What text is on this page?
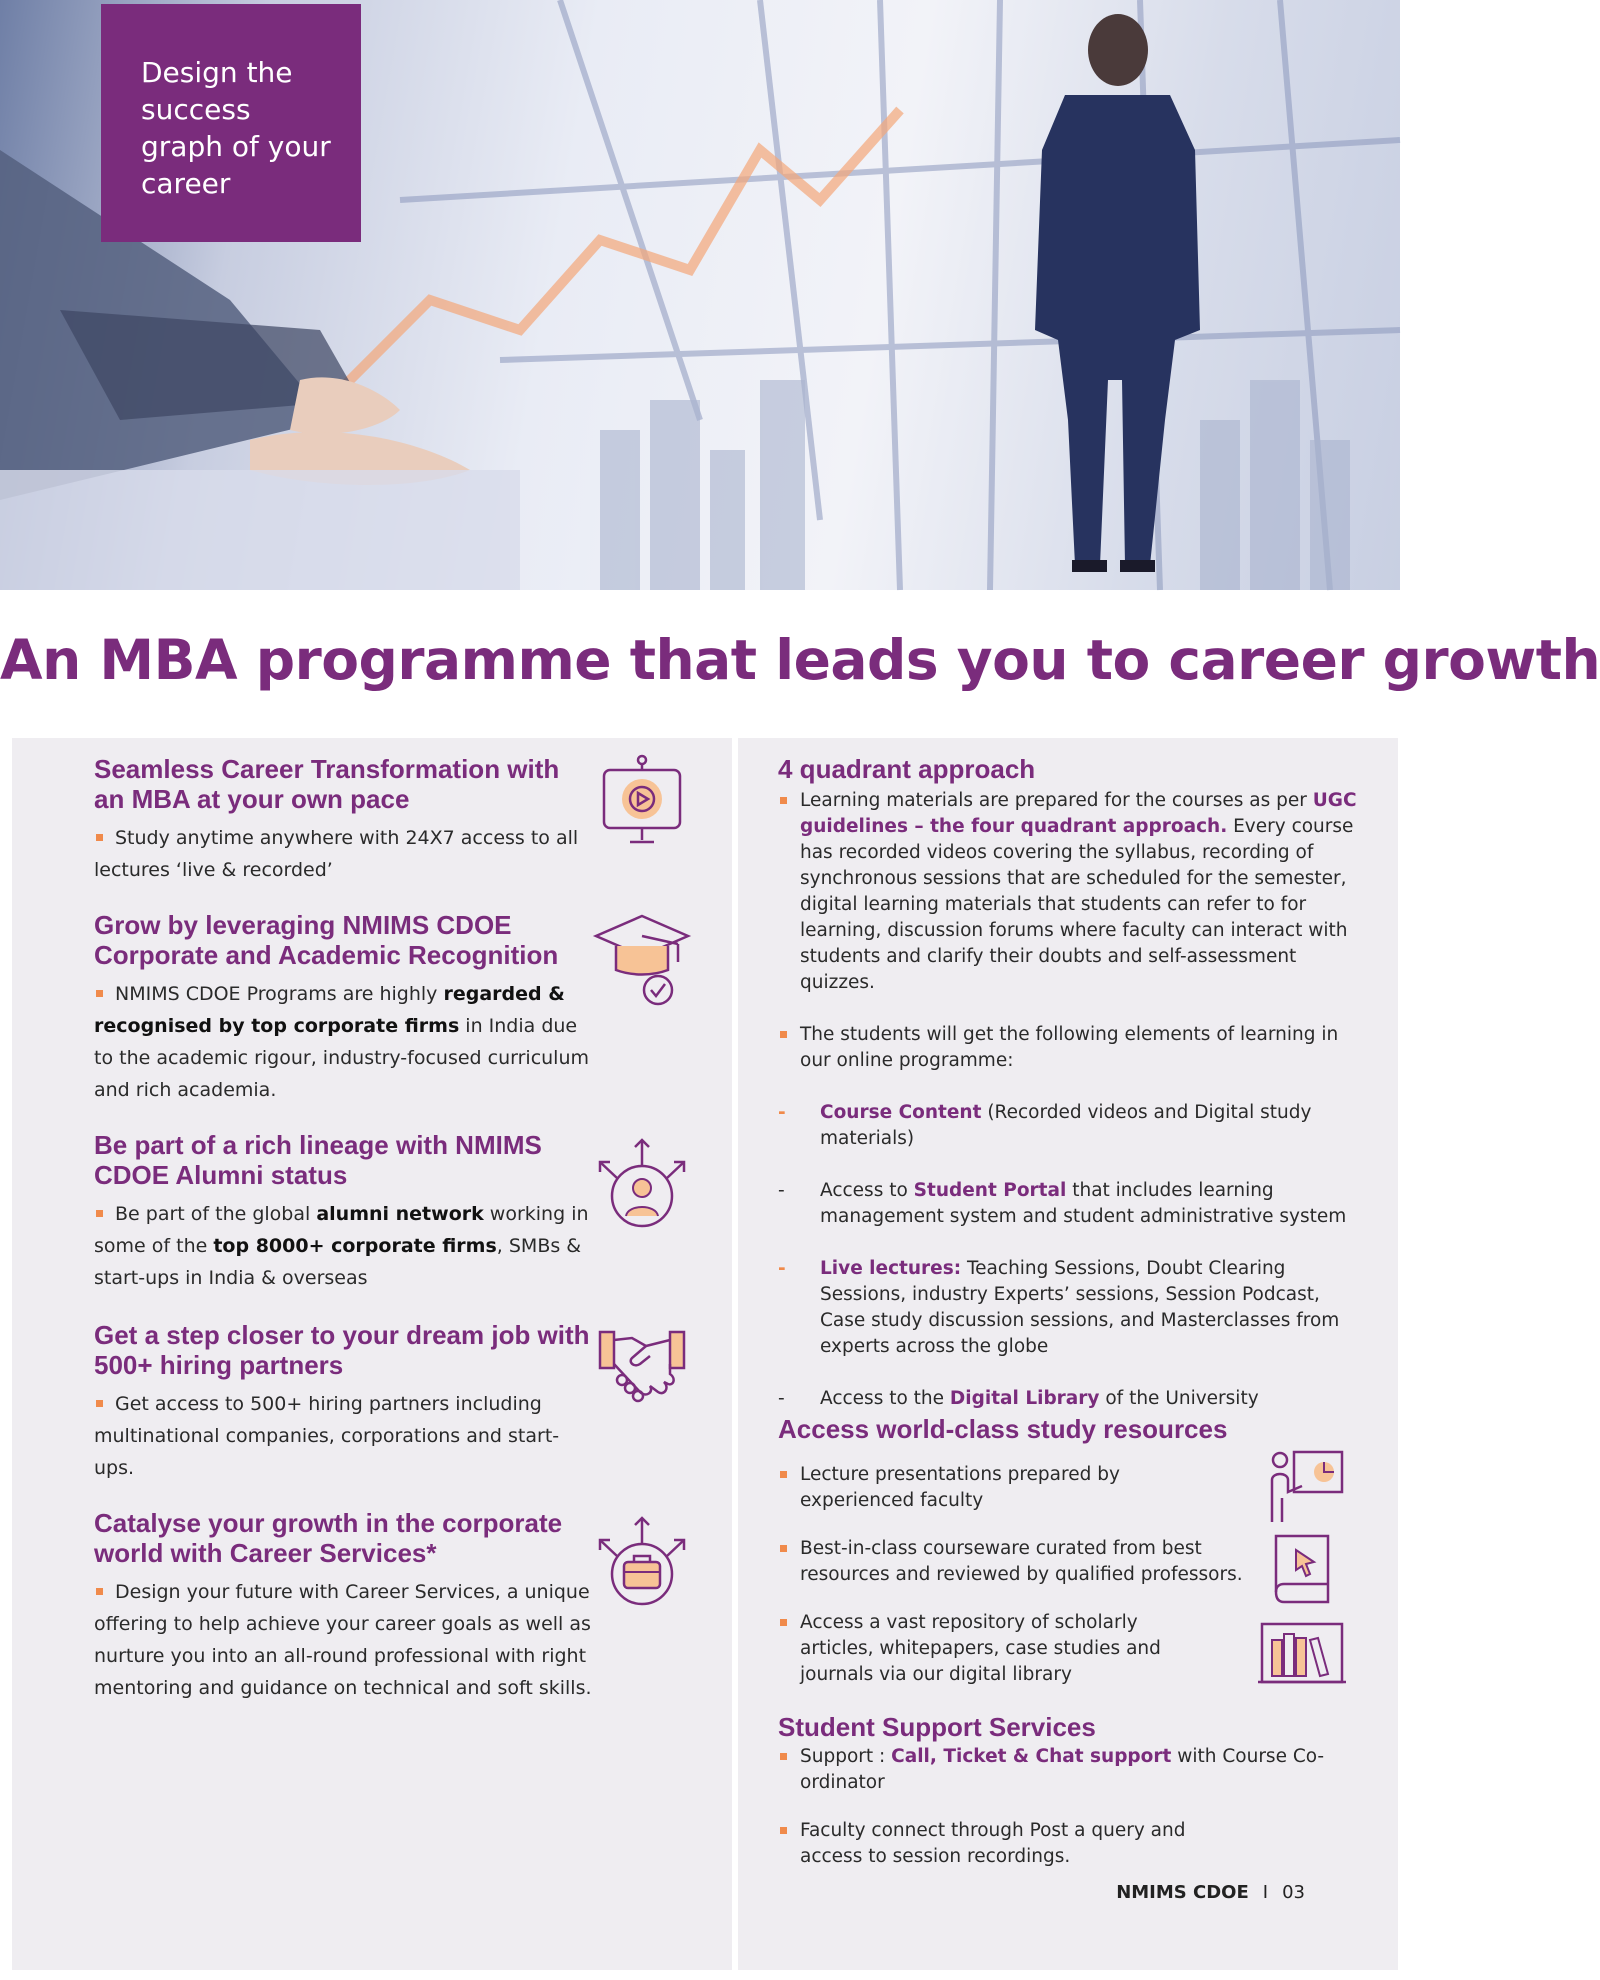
Design the success graph of your career
An MBA programme that leads you to career growth
Seamless Career Transformation with an MBA at your own pace
Study anytime anywhere with 24X7 access to all lectures ‘live & recorded’
Grow by leveraging NMIMS CDOE Corporate and Academic Recognition
NMIMS CDOE Programs are highly regarded & recognised by top corporate firms in India due to the academic rigour, industry-focused curriculum and rich academia.
Be part of a rich lineage with NMIMS CDOE Alumni status
Be part of the global alumni network working in some of the top 8000+ corporate firms, SMBs & start-ups in India & overseas
Get a step closer to your dream job with 500+ hiring partners
Get access to 500+ hiring partners including multinational companies, corporations and start-ups.
Catalyse your growth in the corporate world with Career Services*
Design your future with Career Services, a unique offering to help achieve your career goals as well as nurture you into an all-round professional with right mentoring and guidance on technical and soft skills.
4 quadrant approach
Learning materials are prepared for the courses as per UGC guidelines – the four quadrant approach. Every course has recorded videos covering the syllabus, recording of synchronous sessions that are scheduled for the semester, digital learning materials that students can refer to for learning, discussion forums where faculty can interact with students and clarify their doubts and self-assessment quizzes.
The students will get the following elements of learning in our online programme:
- Course Content (Recorded videos and Digital study materials)
- Access to Student Portal that includes learning management system and student administrative system
- Live lectures: Teaching Sessions, Doubt Clearing Sessions, industry Experts’ sessions, Session Podcast, Case study discussion sessions, and Masterclasses from experts across the globe
- Access to the Digital Library of the University
Access world-class study resources
Lecture presentations prepared by experienced faculty
Best-in-class courseware curated from best resources and reviewed by qualified professors.
Access a vast repository of scholarly articles, whitepapers, case studies and journals via our digital library
Student Support Services
Support : Call, Ticket & Chat support with Course Co-ordinator
Faculty connect through Post a query and access to session recordings.
NMIMS CDOE I 03
